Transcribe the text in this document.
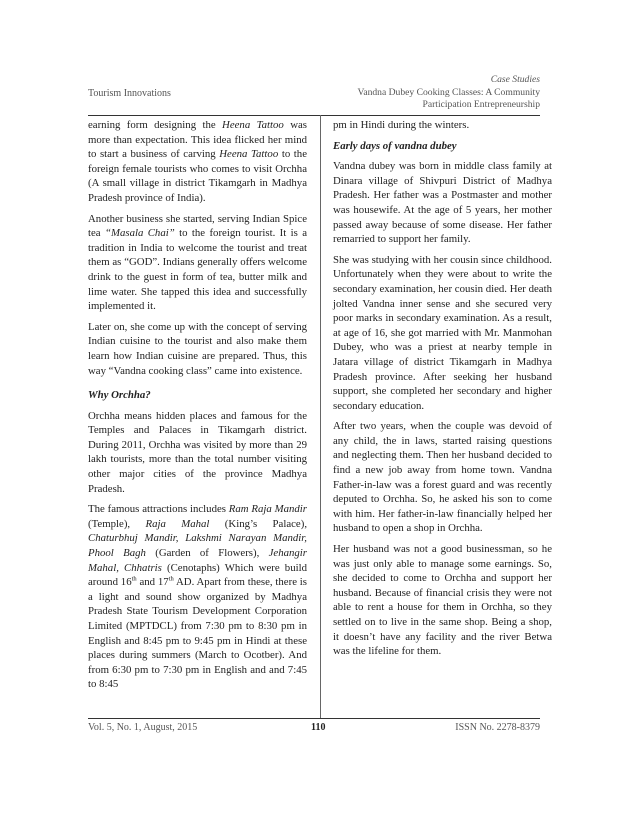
Tourism Innovations
Case Studies
Vandna Dubey Cooking Classes: A Community
Participation Entrepreneurship

earning form designing the Heena Tattoo was more than expectation. This idea flicked her mind to start a business of carving Heena Tattoo to the foreign female tourists who comes to visit Orchha (A small village in district Tikamgarh in Madhya Pradesh province of India).

Another business she started, serving Indian Spice tea “Masala Chai” to the foreign tourist. It is a tradition in India to welcome the tourist and treat them as “GOD”. Indians generally offers welcome drink to the guest in form of tea, butter milk and lime water. She tapped this idea and successfully implemented it.

Later on, she come up with the concept of serving Indian cuisine to the tourist and also make them learn how Indian cuisine are prepared. Thus, this way “Vandna cooking class” came into existence.

Why Orchha?

Orchha means hidden places and famous for the Temples and Palaces in Tikamgarh district. During 2011, Orchha was visited by more than 29 lakh tourists, more than the total number visiting other major cities of the province Madhya Pradesh.

The famous attractions includes Ram Raja Mandir (Temple), Raja Mahal (King’s Palace), Chaturbhuj Mandir, Lakshmi Narayan Mandir, Phool Bagh (Garden of Flowers), Jehangir Mahal, Chhatris (Cenotaphs) Which were build around 16th and 17th AD. Apart from these, there is a light and sound show organized by Madhya Pradesh State Tourism Development Corporation Limited (MPTDCL) from 7:30 pm to 8:30 pm in English and 8:45 pm to 9:45 pm in Hindi at these places during summers (March to Ocotber). And from 6:30 pm to 7:30 pm in English and and 7:45 to 8:45

pm in Hindi during the winters.

Early days of vandna dubey

Vandna dubey was born in middle class family at Dinara village of Shivpuri District of Madhya Pradesh. Her father was a Postmaster and mother was housewife. At the age of 5 years, her mother passed away because of some disease. Her father remarried to support her family.

She was studying with her cousin since childhood. Unfortunately when they were about to write the secondary examination, her cousin died. Her death jolted Vandna inner sense and she secured very poor marks in secondary examination. As a result, at age of 16, she got married with Mr. Manmohan Dubey, who was a priest at nearby temple in Jatara village of district Tikamgarh in Madhya Pradesh province. After seeking her husband support, she completed her secondary and higher secondary education.

After two years, when the couple was devoid of any child, the in laws, started raising questions and neglecting them. Then her husband decided to find a new job away from home town. Vandna Father-in-law was a forest guard and was recently deputed to Orchha. So, he asked his son to come with him. Her father-in-law financially helped her husband to open a shop in Orchha.

Her husband was not a good businessman, so he was just only able to manage some earnings. So, she decided to come to Orchha and support her husband. Because of financial crisis they were not able to rent a house for them in Orchha, so they settled on to live in the same shop. Being a shop, it doesn’t have any facility and the river Betwa was the lifeline for them.

Vol. 5, No. 1, August, 2015	110	ISSN No. 2278-8379
